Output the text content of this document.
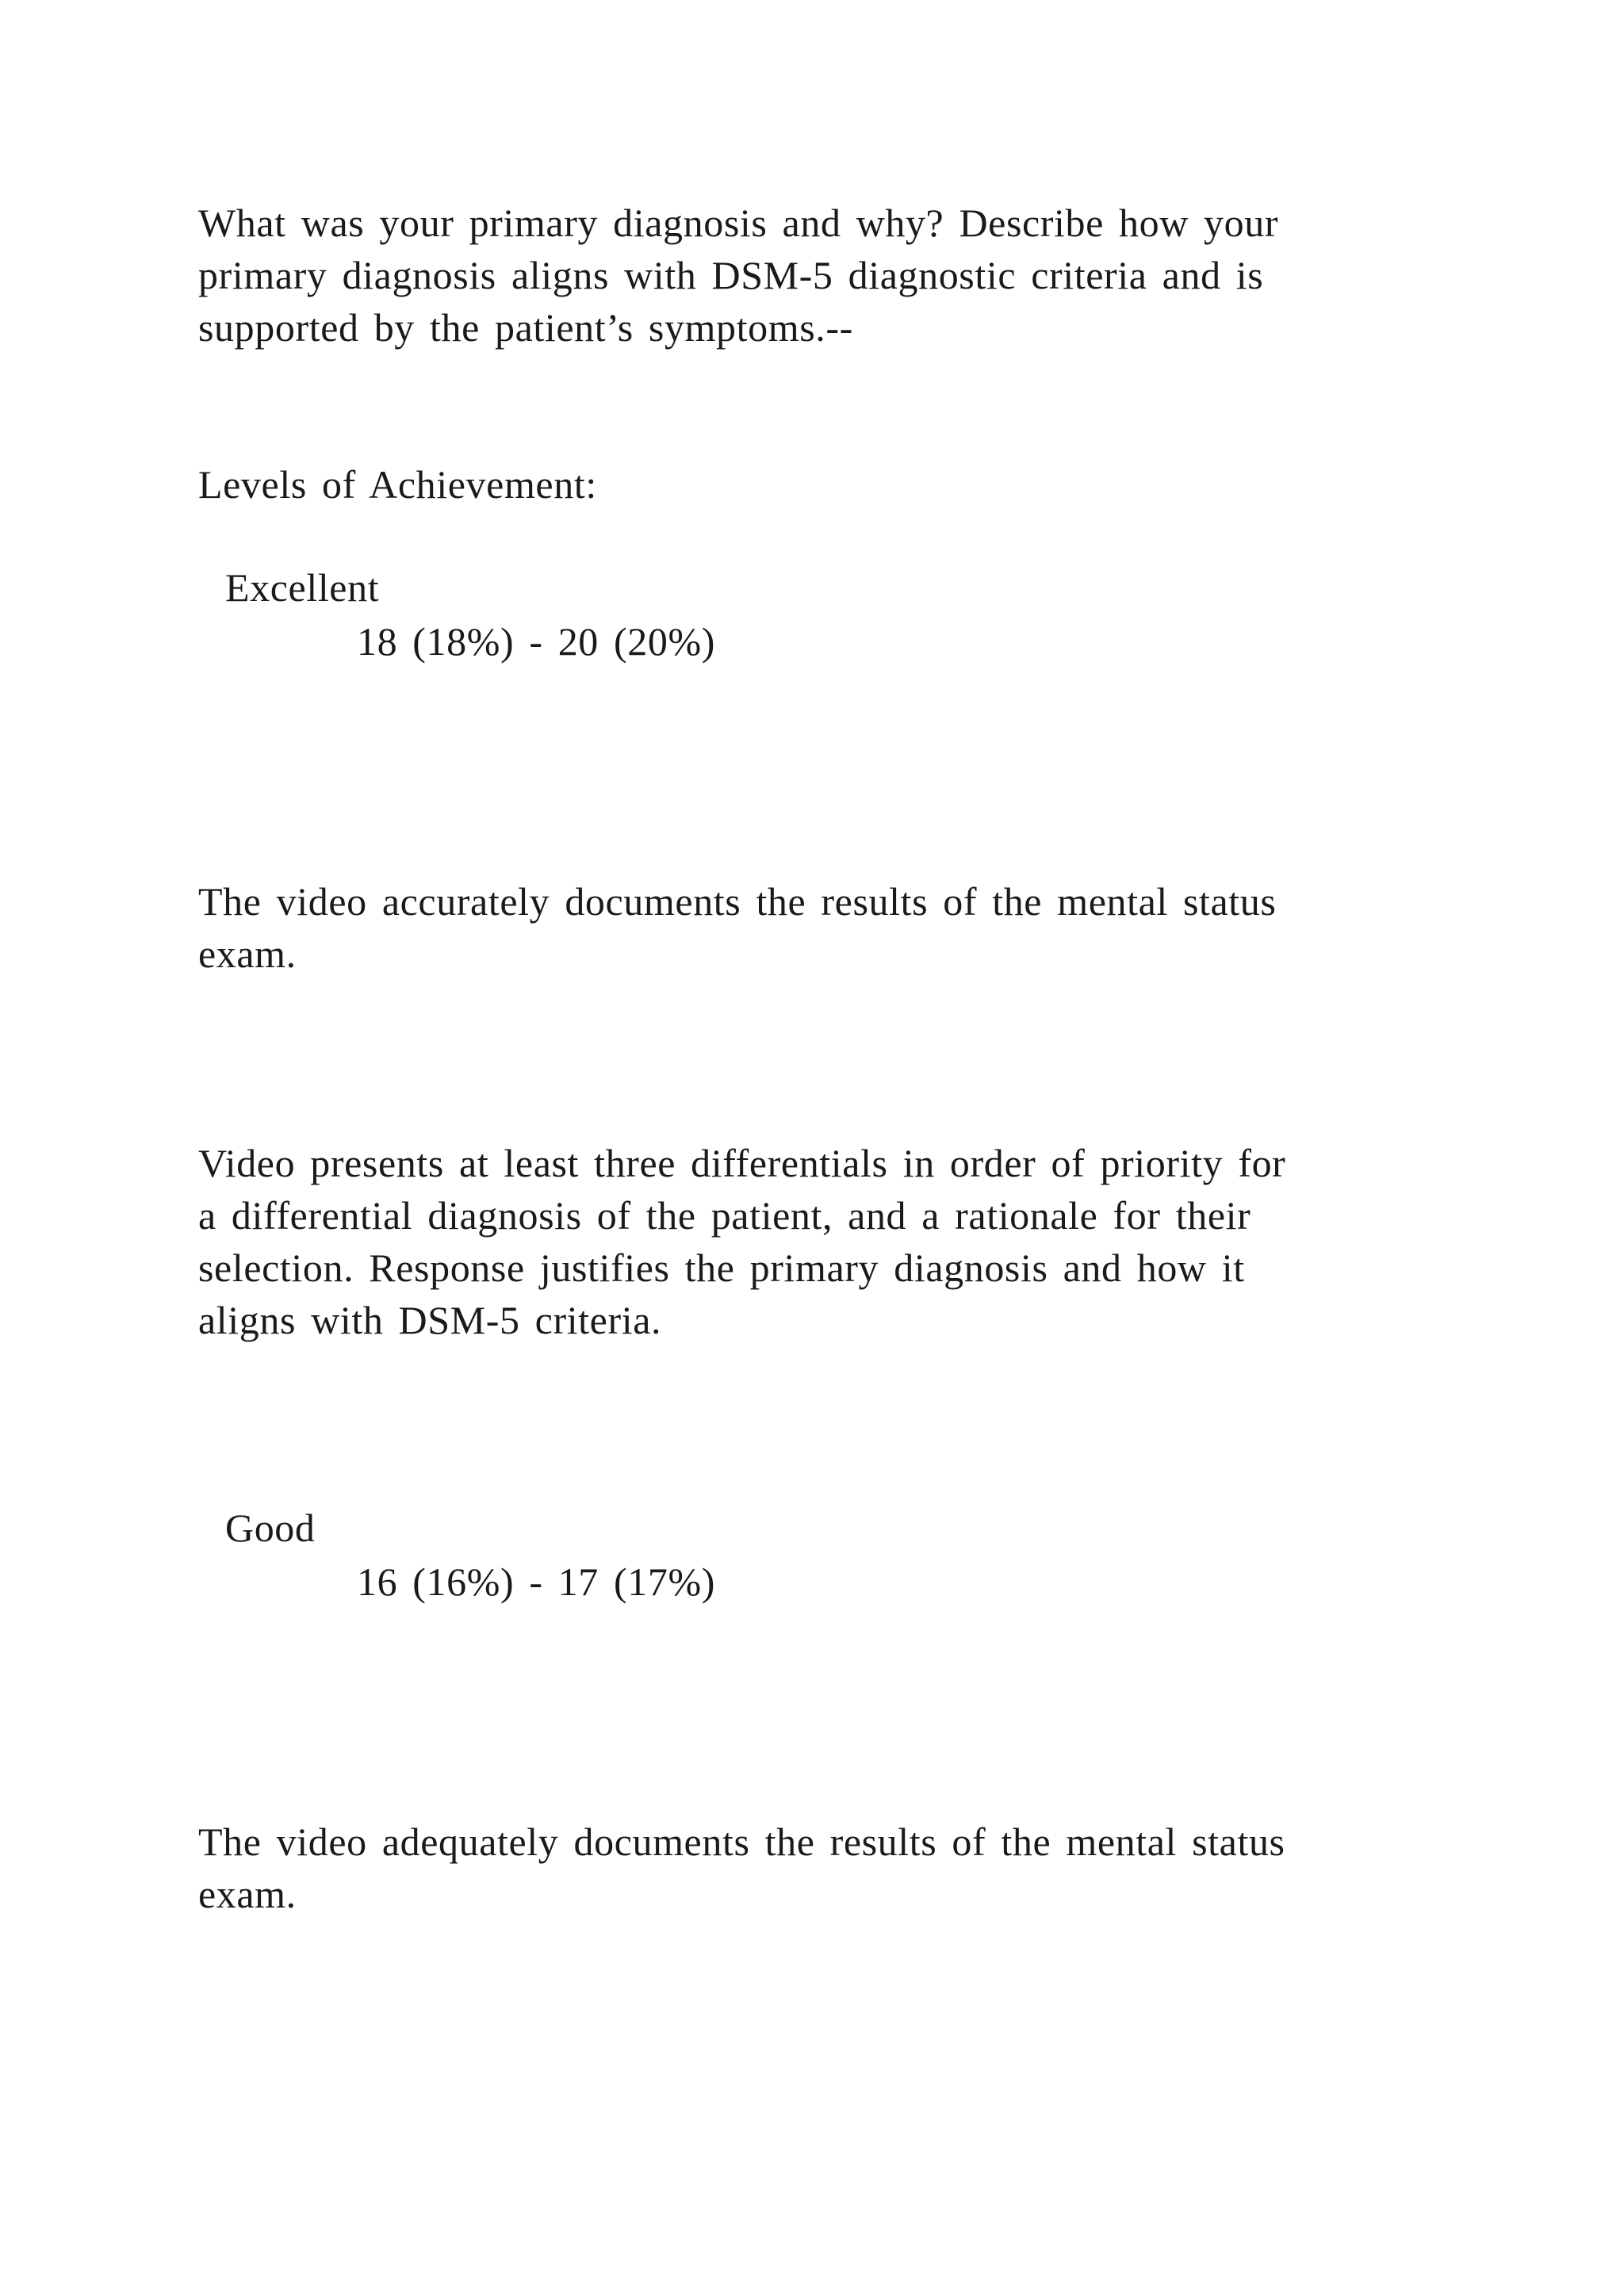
What was your primary diagnosis and why? Describe how your

primary diagnosis aligns with DSM-5 diagnostic criteria and is

supported by the patient’s symptoms.--

Levels of Achievement:

Excellent

18 (18%) - 20 (20%)

The video accurately documents the results of the mental status

exam.

Video presents at least three differentials in order of priority for

a differential diagnosis of the patient, and a rationale for their

selection. Response justifies the primary diagnosis and how it

aligns with DSM-5 criteria.

Good

16 (16%) - 17 (17%)

The video adequately documents the results of the mental status

exam.
